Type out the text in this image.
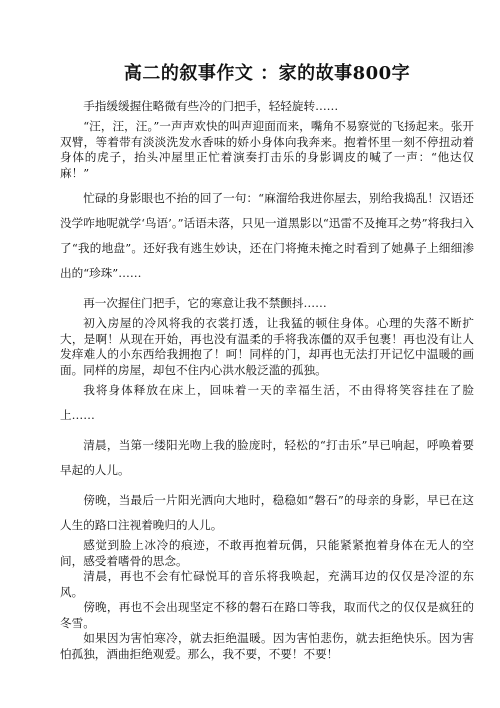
高二的叙事作文 ：家的故事800字

手指缓缓握住略微有些冷的门把手，轻轻旋转……

“汪，汪，汪。”一声声欢快的叫声迎面而来，嘴角不易察觉的飞扬起来。张开双臂，等着带有淡淡洗发水香味的娇小身体向我奔来。抱着怀里一刻不停扭动着身体的虎子，抬头冲屋里正忙着演奏打击乐的身影调皮的喊了一声：“他达仅麻！”

忙碌的身影眼也不抬的回了一句：“麻溜给我进你屋去，别给我捣乱！汉语还没学咋地呢就学‘鸟语’。”话语未落，只见一道黑影以“迅雷不及掩耳之势”将我扫入了“我的地盘”。还好我有逃生妙诀，还在门将掩未掩之时看到了她鼻子上细细渗出的“珍珠”……

再一次握住门把手，它的寒意让我不禁颤抖……

初入房屋的冷风将我的衣裳打透，让我猛的顿住身体。心理的失落不断扩大，是啊！从现在开始，再也没有温柔的手将我冻僵的双手包裹！再也没有让人发痒难人的小东西给我拥抱了！呵！同样的门，却再也无法打开记忆中温暖的画面。同样的房屋，却包不住内心洪水般泛滥的孤独。

我将身体释放在床上，回味着一天的幸福生活，不由得将笑容挂在了脸上……

清晨，当第一缕阳光吻上我的脸庞时，轻松的“打击乐”早已响起，呼唤着要早起的人儿。

傍晚，当最后一片阳光洒向大地时，稳稳如“磐石”的母亲的身影，早已在这人生的路口注视着晚归的人儿。

感觉到脸上冰冷的痕迹，不敢再抱着玩偶，只能紧紧抱着身体在无人的空间，感受着嗜骨的思念。

清晨，再也不会有忙碌悦耳的音乐将我唤起，充满耳边的仅仅是冷涩的东风。

傍晚，再也不会出现坚定不移的磐石在路口等我，取而代之的仅仅是疯狂的冬雪。

如果因为害怕寒冷，就去拒绝温暖。因为害怕悲伤，就去拒绝快乐。因为害怕孤独，酒曲拒绝观爱。那么，我不要，不要！不要！
